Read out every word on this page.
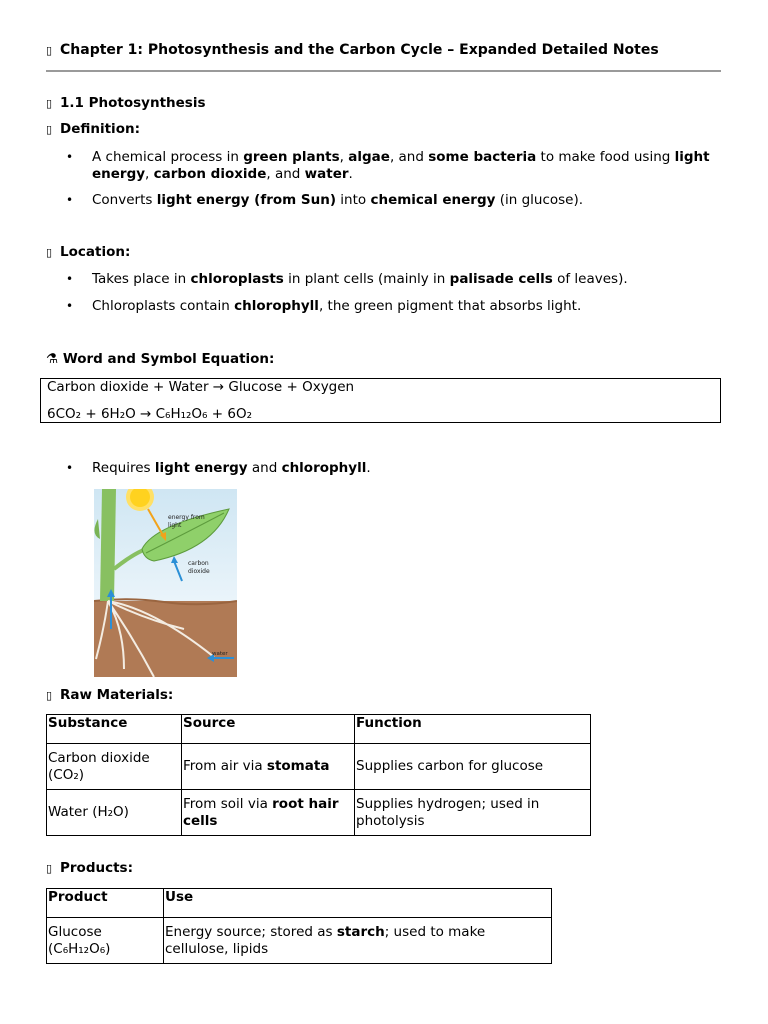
▯ Chapter 1: Photosynthesis and the Carbon Cycle – Expanded Detailed Notes
▯ 1.1 Photosynthesis
▯ Definition:
• A chemical process in green plants, algae, and some bacteria to make food using light energy, carbon dioxide, and water.
• Converts light energy (from Sun) into chemical energy (in glucose).
▯ Location:
• Takes place in chloroplasts in plant cells (mainly in palisade cells of leaves).
• Chloroplasts contain chlorophyll, the green pigment that absorbs light.
⚗ Word and Symbol Equation:
Carbon dioxide + Water → Glucose + Oxygen
6CO₂ + 6H₂O → C₆H₁₂O₆ + 6O₂
• Requires light energy and chlorophyll.
energy from light
carbon dioxide
water
▯ Raw Materials:
Substance	Source	Function
Carbon dioxide (CO₂)	From air via stomata	Supplies carbon for glucose
Water (H₂O)	From soil via root hair cells	Supplies hydrogen; used in photolysis
▯ Products:
Product	Use
Glucose (C₆H₁₂O₆)	Energy source; stored as starch; used to make cellulose, lipids
